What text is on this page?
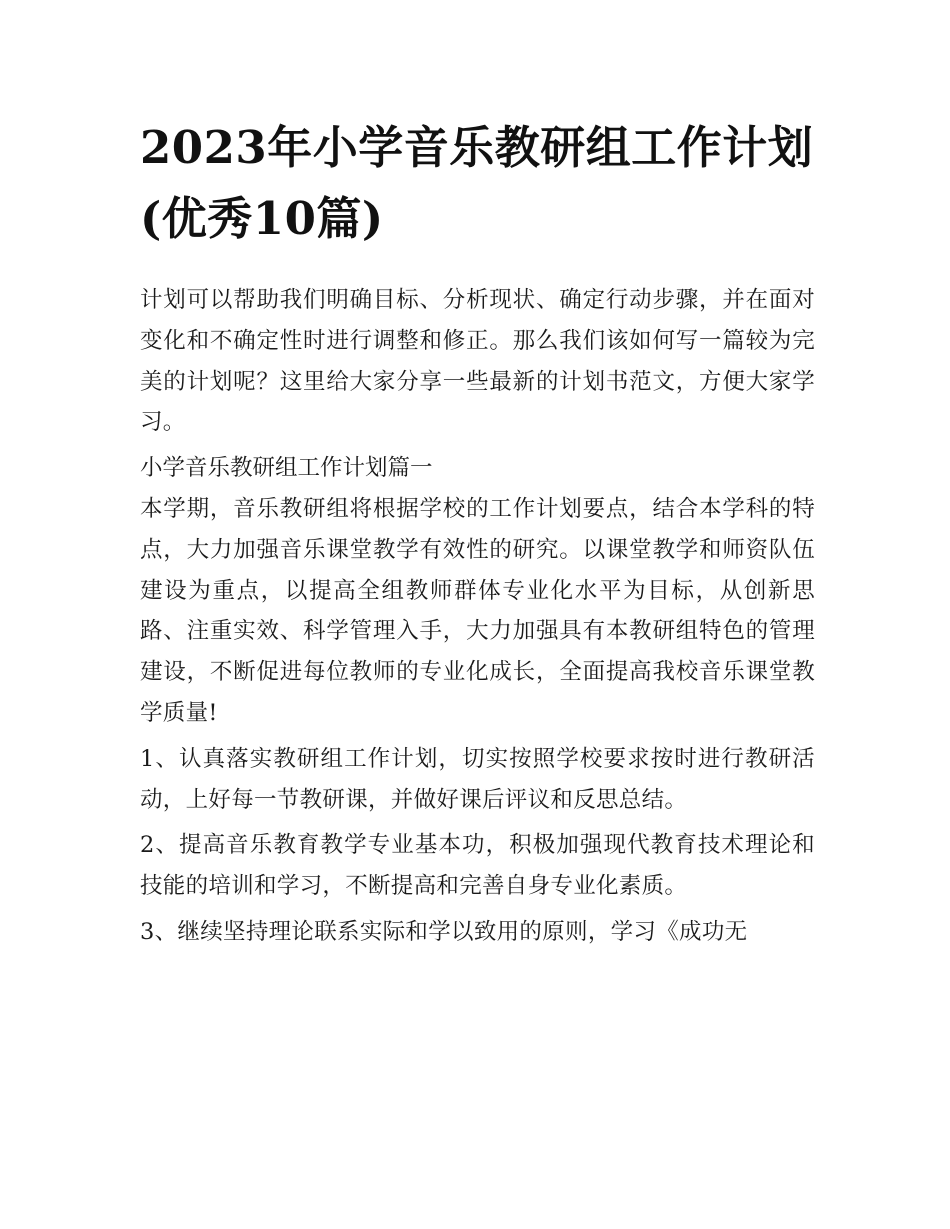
2023年小学音乐教研组工作计划(优秀10篇)

计划可以帮助我们明确目标、分析现状、确定行动步骤，并在面对变化和不确定性时进行调整和修正。那么我们该如何写一篇较为完美的计划呢？这里给大家分享一些最新的计划书范文，方便大家学习。

小学音乐教研组工作计划篇一

本学期，音乐教研组将根据学校的工作计划要点，结合本学科的特点，大力加强音乐课堂教学有效性的研究。以课堂教学和师资队伍建设为重点，以提高全组教师群体专业化水平为目标，从创新思路、注重实效、科学管理入手，大力加强具有本教研组特色的管理建设，不断促进每位教师的专业化成长，全面提高我校音乐课堂教学质量!

1、认真落实教研组工作计划，切实按照学校要求按时进行教研活动，上好每一节教研课，并做好课后评议和反思总结。

2、提高音乐教育教学专业基本功，积极加强现代教育技术理论和技能的培训和学习，不断提高和完善自身专业化素质。

3、继续坚持理论联系实际和学以致用的原则，学习《成功无
